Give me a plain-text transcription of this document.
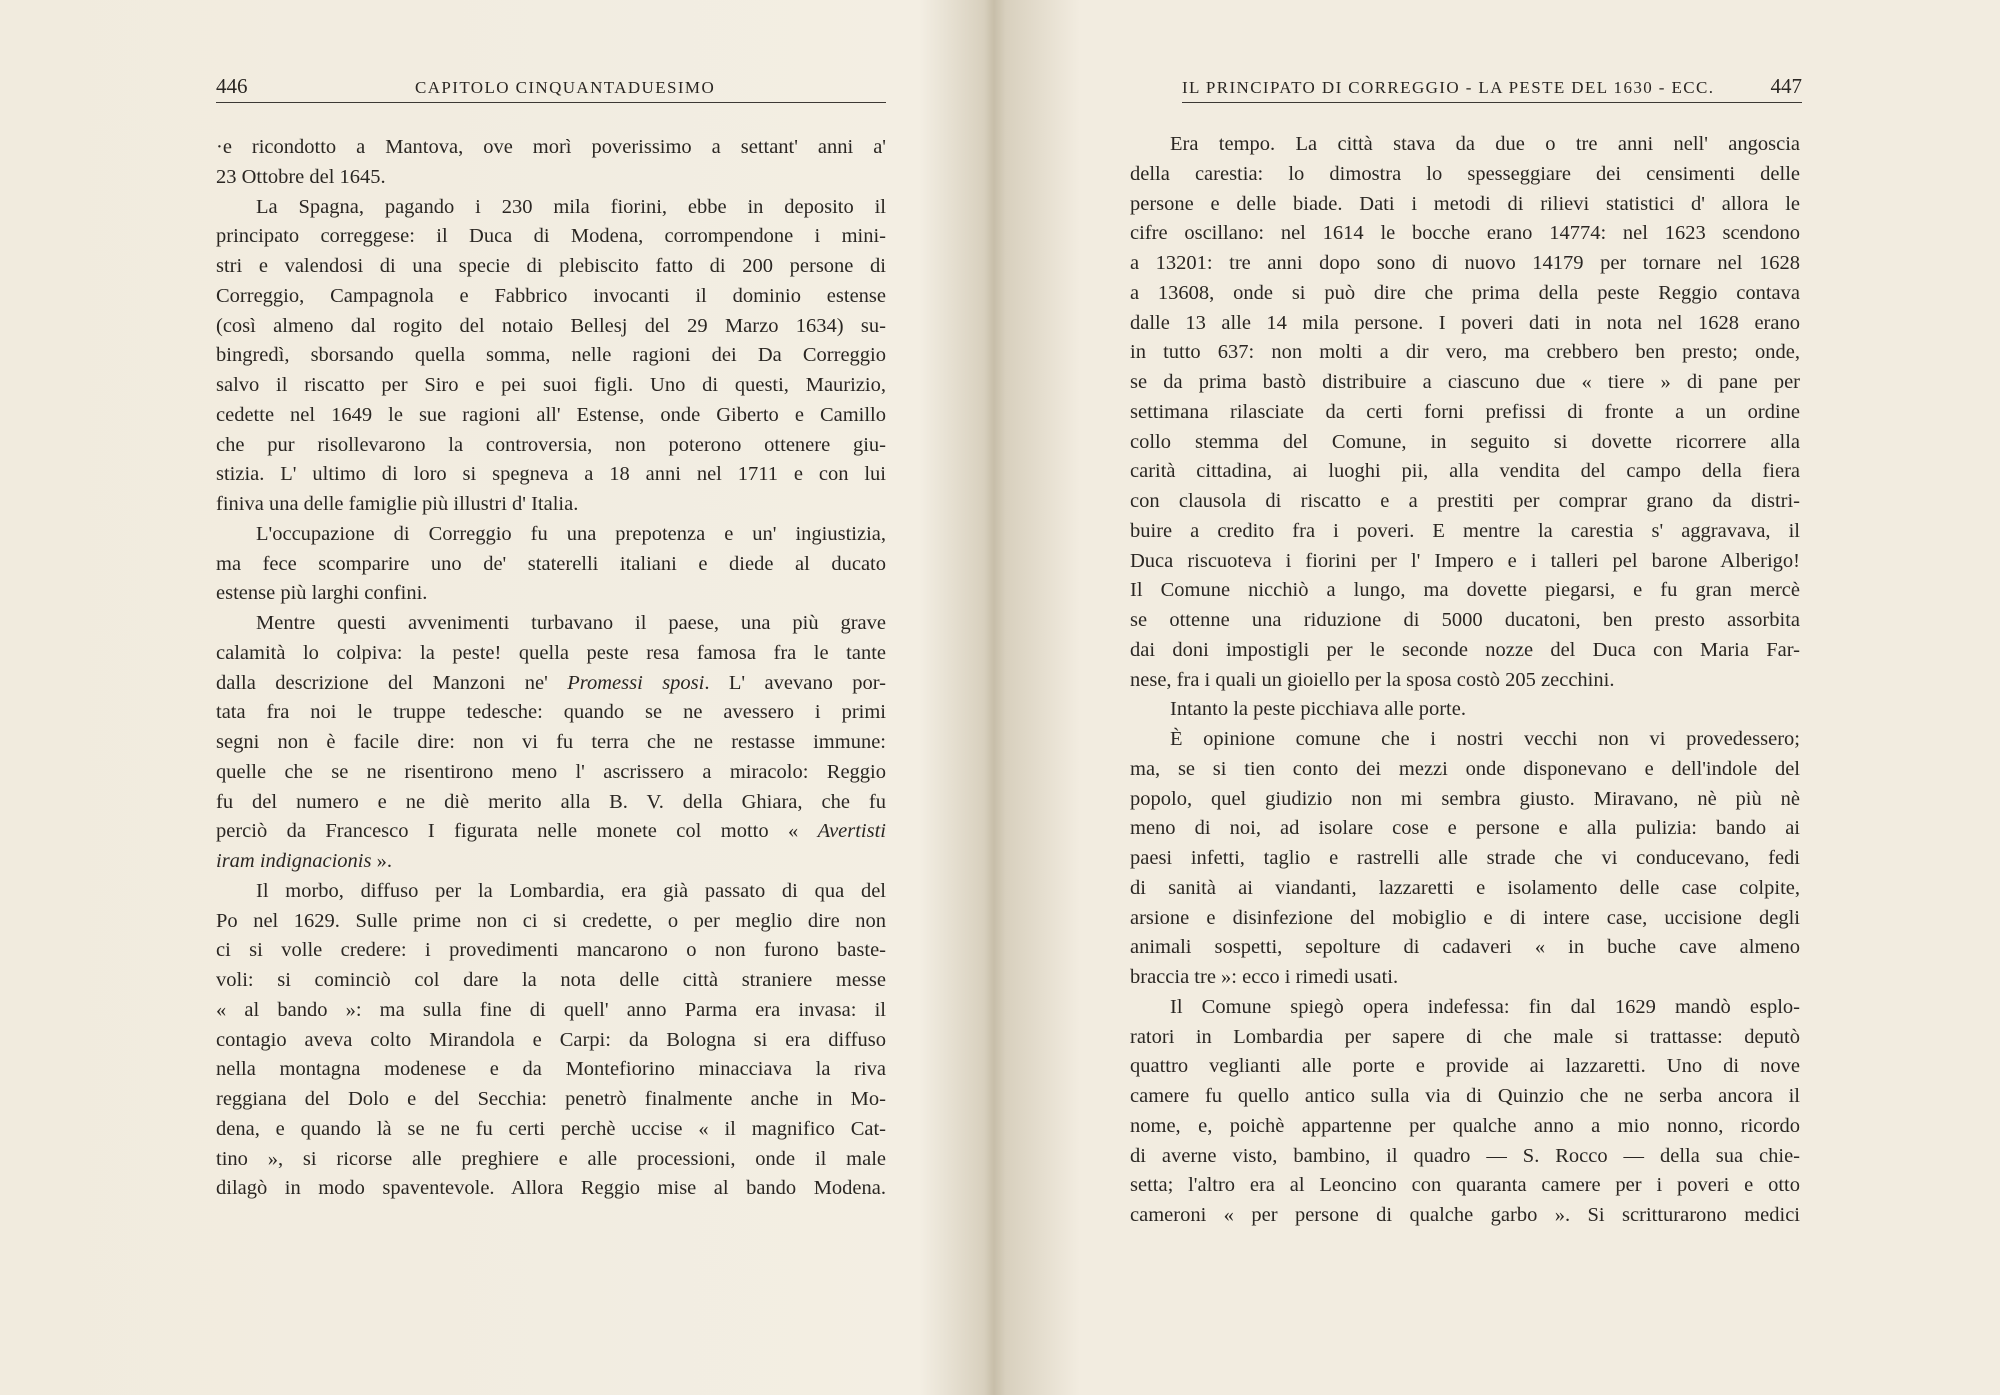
446	CAPITOLO CINQUANTADUESIMO
·e ricondotto a Mantova, ove morì poverissimo a settant' anni a'
23 Ottobre del 1645.
La Spagna, pagando i 230 mila fiorini, ebbe in deposito il
principato correggese: il Duca di Modena, corrompendone i mini-
stri e valendosi di una specie di plebiscito fatto di 200 persone di
Correggio, Campagnola e Fabbrico invocanti il dominio estense
(così almeno dal rogito del notaio Bellesj del 29 Marzo 1634) su-
bingredì, sborsando quella somma, nelle ragioni dei Da Correggio
salvo il riscatto per Siro e pei suoi figli. Uno di questi, Maurizio,
cedette nel 1649 le sue ragioni all' Estense, onde Giberto e Camillo
che pur risollevarono la controversia, non poterono ottenere giu-
stizia. L' ultimo di loro si spegneva a 18 anni nel 1711 e con lui
finiva una delle famiglie più illustri d' Italia.
L'occupazione di Correggio fu una prepotenza e un' ingiustizia,
ma fece scomparire uno de' staterelli italiani e diede al ducato
estense più larghi confini.
Mentre questi avvenimenti turbavano il paese, una più grave
calamità lo colpiva: la peste! quella peste resa famosa fra le tante
dalla descrizione del Manzoni ne' Promessi sposi. L' avevano por-
tata fra noi le truppe tedesche: quando se ne avessero i primi
segni non è facile dire: non vi fu terra che ne restasse immune:
quelle che se ne risentirono meno l' ascrissero a miracolo: Reggio
fu del numero e ne diè merito alla B. V. della Ghiara, che fu
perciò da Francesco I figurata nelle monete col motto « Avertisti
iram indignacionis ».
Il morbo, diffuso per la Lombardia, era già passato di qua del
Po nel 1629. Sulle prime non ci si credette, o per meglio dire non
ci si volle credere: i provedimenti mancarono o non furono baste-
voli: si cominciò col dare la nota delle città straniere messe
« al bando »: ma sulla fine di quell' anno Parma era invasa: il
contagio aveva colto Mirandola e Carpi: da Bologna si era diffuso
nella montagna modenese e da Montefiorino minacciava la riva
reggiana del Dolo e del Secchia: penetrò finalmente anche in Mo-
dena, e quando là se ne fu certi perchè uccise « il magnifico Cat-
tino », si ricorse alle preghiere e alle processioni, onde il male
dilagò in modo spaventevole. Allora Reggio mise al bando Modena.
IL PRINCIPATO DI CORREGGIO - LA PESTE DEL 1630 - ECC.	447
Era tempo. La città stava da due o tre anni nell' angoscia
della carestia: lo dimostra lo spesseggiare dei censimenti delle
persone e delle biade. Dati i metodi di rilievi statistici d' allora le
cifre oscillano: nel 1614 le bocche erano 14774: nel 1623 scendono
a 13201: tre anni dopo sono di nuovo 14179 per tornare nel 1628
a 13608, onde si può dire che prima della peste Reggio contava
dalle 13 alle 14 mila persone. I poveri dati in nota nel 1628 erano
in tutto 637: non molti a dir vero, ma crebbero ben presto; onde,
se da prima bastò distribuire a ciascuno due « tiere » di pane per
settimana rilasciate da certi forni prefissi di fronte a un ordine
collo stemma del Comune, in seguito si dovette ricorrere alla
carità cittadina, ai luoghi pii, alla vendita del campo della fiera
con clausola di riscatto e a prestiti per comprar grano da distri-
buire a credito fra i poveri. E mentre la carestia s' aggravava, il
Duca riscuoteva i fiorini per l' Impero e i talleri pel barone Alberigo!
Il Comune nicchiò a lungo, ma dovette piegarsi, e fu gran mercè
se ottenne una riduzione di 5000 ducatoni, ben presto assorbita
dai doni impostigli per le seconde nozze del Duca con Maria Far-
nese, fra i quali un gioiello per la sposa costò 205 zecchini.
Intanto la peste picchiava alle porte.
È opinione comune che i nostri vecchi non vi provedessero;
ma, se si tien conto dei mezzi onde disponevano e dell'indole del
popolo, quel giudizio non mi sembra giusto. Miravano, nè più nè
meno di noi, ad isolare cose e persone e alla pulizia: bando ai
paesi infetti, taglio e rastrelli alle strade che vi conducevano, fedi
di sanità ai viandanti, lazzaretti e isolamento delle case colpite,
arsione e disinfezione del mobiglio e di intere case, uccisione degli
animali sospetti, sepolture di cadaveri « in buche cave almeno
braccia tre »: ecco i rimedi usati.
Il Comune spiegò opera indefessa: fin dal 1629 mandò esplo-
ratori in Lombardia per sapere di che male si trattasse: deputò
quattro veglianti alle porte e provide ai lazzaretti. Uno di nove
camere fu quello antico sulla via di Quinzio che ne serba ancora il
nome, e, poichè appartenne per qualche anno a mio nonno, ricordo
di averne visto, bambino, il quadro — S. Rocco — della sua chie-
setta; l'altro era al Leoncino con quaranta camere per i poveri e otto
cameroni « per persone di qualche garbo ». Si scritturarono medici
